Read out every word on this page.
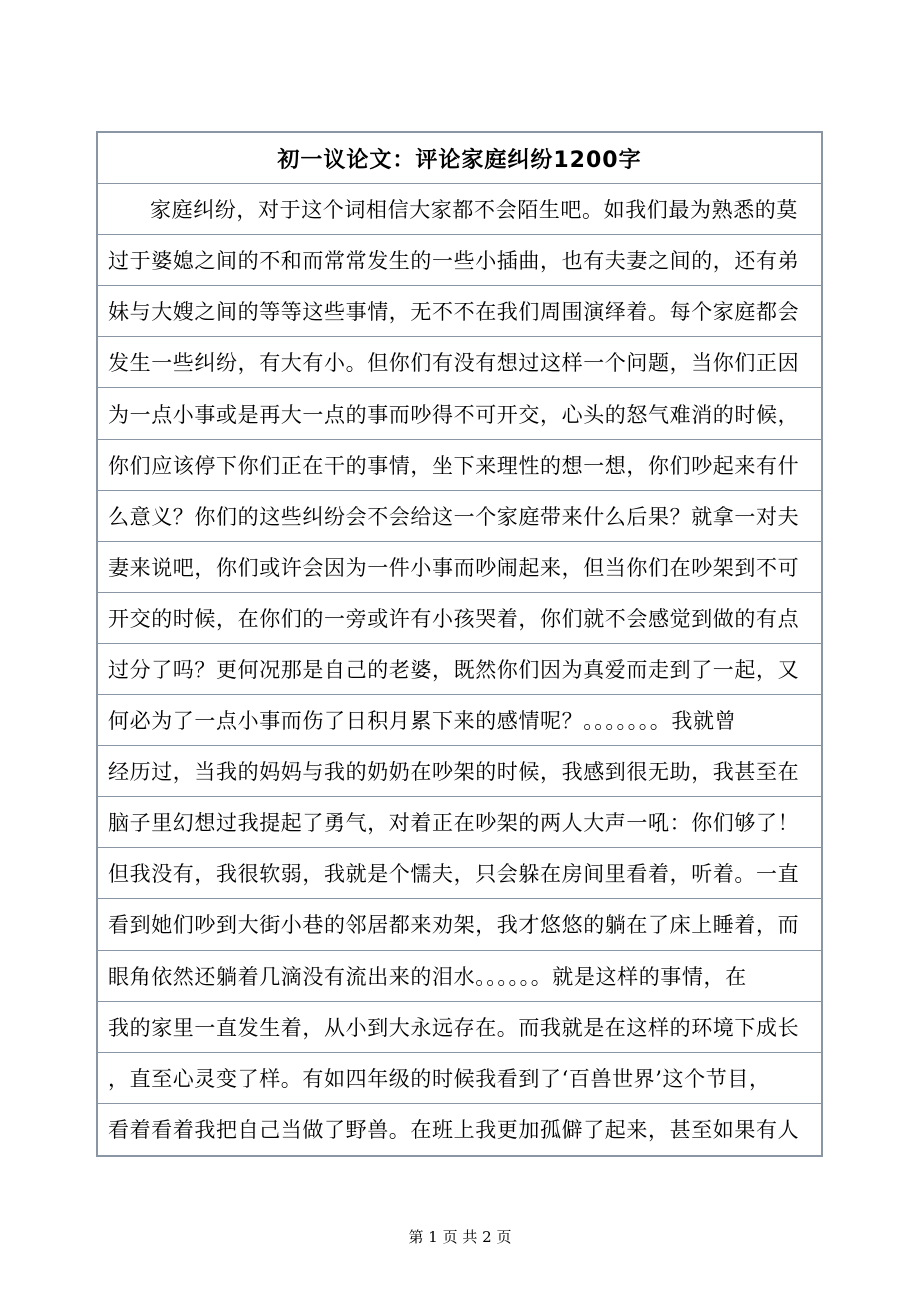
初一议论文：评论家庭纠纷1200字
家庭纠纷，对于这个词相信大家都不会陌生吧。如我们最为熟悉的莫
过于婆媳之间的不和而常常发生的一些小插曲，也有夫妻之间的，还有弟
妹与大嫂之间的等等这些事情，无不不在我们周围演绎着。每个家庭都会
发生一些纠纷，有大有小。但你们有没有想过这样一个问题，当你们正因
为一点小事或是再大一点的事而吵得不可开交，心头的怒气难消的时候，
你们应该停下你们正在干的事情，坐下来理性的想一想，你们吵起来有什
么意义？你们的这些纠纷会不会给这一个家庭带来什么后果？就拿一对夫
妻来说吧，你们或许会因为一件小事而吵闹起来，但当你们在吵架到不可
开交的时候，在你们的一旁或许有小孩哭着，你们就不会感觉到做的有点
过分了吗？更何况那是自己的老婆，既然你们因为真爱而走到了一起，又
何必为了一点小事而伤了日积月累下来的感情呢？。。。。。。。我就曾
经历过，当我的妈妈与我的奶奶在吵架的时候，我感到很无助，我甚至在
脑子里幻想过我提起了勇气，对着正在吵架的两人大声一吼：你们够了！
但我没有，我很软弱，我就是个懦夫，只会躲在房间里看着，听着。一直
看到她们吵到大街小巷的邻居都来劝架，我才悠悠的躺在了床上睡着，而
眼角依然还躺着几滴没有流出来的泪水。。。。。。就是这样的事情，在
我的家里一直发生着，从小到大永远存在。而我就是在这样的环境下成长
，直至心灵变了样。有如四年级的时候我看到了‘百兽世界’这个节目，
看着看着我把自己当做了野兽。在班上我更加孤僻了起来，甚至如果有人
第 1 页 共 2 页
